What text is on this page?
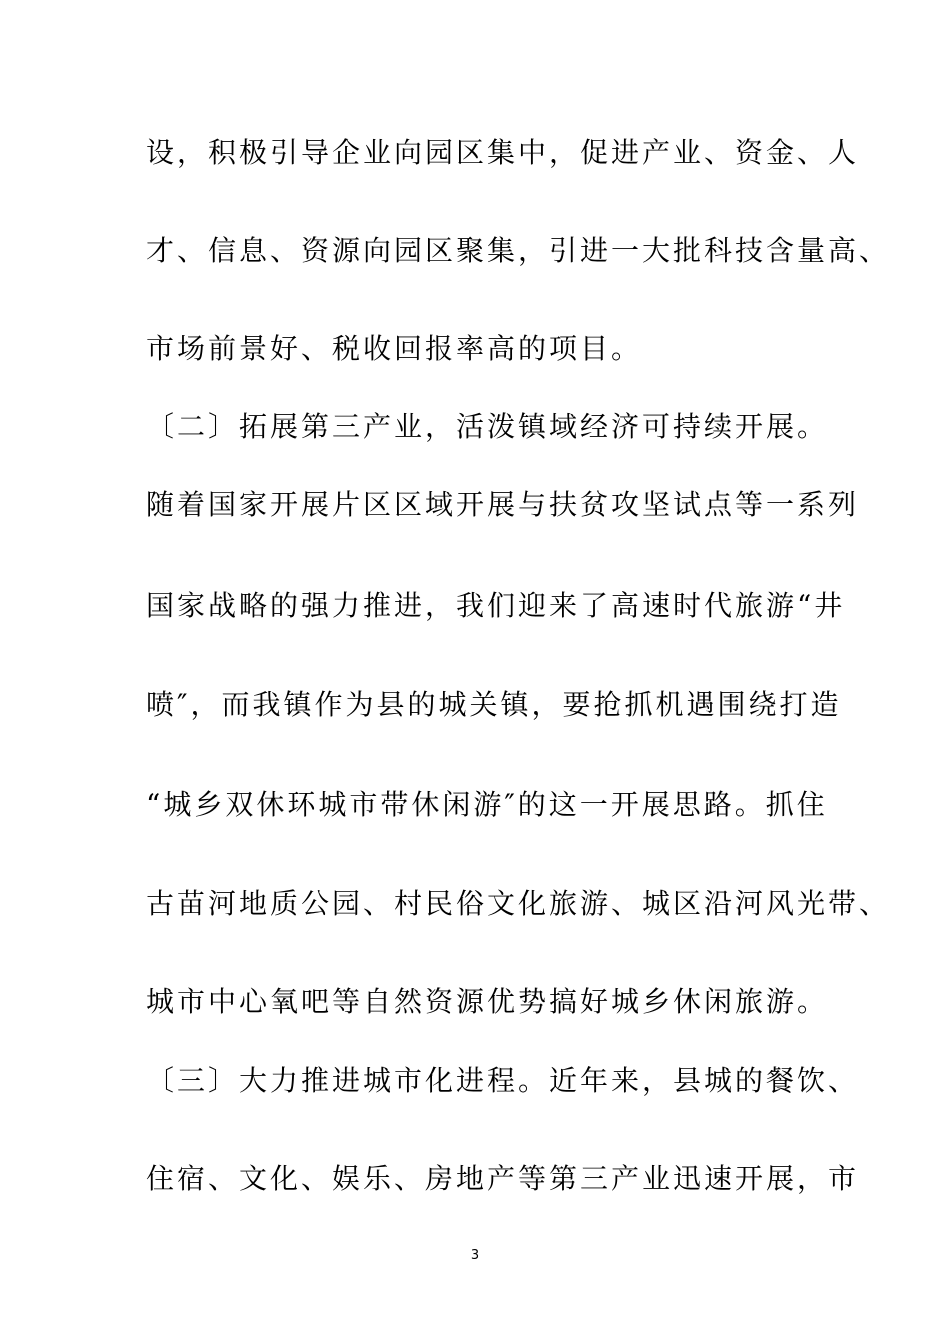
设，积极引导企业向园区集中，促进产业、资金、人
才、信息、资源向园区聚集，引进一大批科技含量高、
市场前景好、税收回报率高的项目。
〔二〕拓展第三产业，活泼镇域经济可持续开展。
随着国家开展片区区域开展与扶贫攻坚试点等一系列
国家战略的强力推进，我们迎来了高速时代旅游“井
喷″，而我镇作为县的城关镇，要抢抓机遇围绕打造
“城乡双休环城市带休闲游″的这一开展思路。抓住
古苗河地质公园、村民俗文化旅游、城区沿河风光带、
城市中心氧吧等自然资源优势搞好城乡休闲旅游。
〔三〕大力推进城市化进程。近年来，县城的餐饮、
住宿、文化、娱乐、房地产等第三产业迅速开展，市
3
